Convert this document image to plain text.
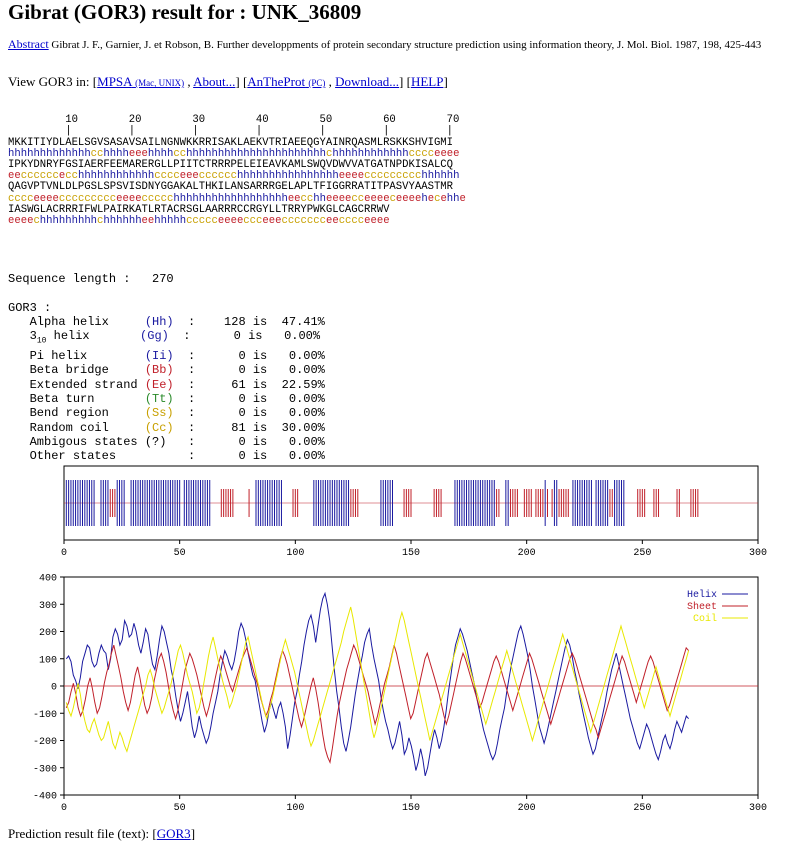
Gibrat (GOR3) result for : UNK_36809
Abstract Gibrat J. F., Garnier, J. et Robson, B. Further developpments of protein secondary structure prediction using information theory, J. Mol. Biol. 1987, 198, 425-443
View GOR3 in: [MPSA (Mac, UNIX) , About...] [AnTheProt (PC) , Download...] [HELP]

10        20        30        40        50        60        70
|         |         |         |         |         |         |
MKKITIYDLAELSGVSASAVSAILNGNWKKRRISAKLAEKVTRIAEEQGYAINRQASMLRSKKSHVIGMI
hhhhhhhhhhhhhcchhhheeehhhhcchhhhhhhhhhhhhhhhhhhhhhchhhhhhhhhhhhcccceeee
IPKYDNRYFGSIAERFEEMARERGLLPIITCTRRRPELEIEAVKAMLSWQVDWVVATGATNPDKISALCQ
eeccccccecchhhhhhhhhhhhcccceeecccccchhhhhhhhhhhhhhhheeeeccccccccchhhhhh
QAGVPTVNLDLPGSLSPSVISDNYGGAKALTHKILANSARRRGELAPLTFIGGRRATITPASVYAASTMR
cccceeeeccccccccceeeeccccchhhhhhhhhhhhhhhhhheecchheeeecceeeeceeeehecehhe
IASWGLACRRRIFWLPAIRKATLRTACRSGLAARRRCCRGYLLTRRYPWKGLCAGCRRWV
eeeechhhhhhhhhchhhhhheehhhhhccccceeeeccceeeccccccceecccceeee

Sequence length : 270

GOR3 :
Alpha helix     (Hh)  :    128 is  47.41%
$3_{10}$ helix       (Gg)  :      0 is   0.00%
Pi helix        (Ii)  :      0 is   0.00%
Beta bridge     (Bb)  :      0 is   0.00%
Extended strand (Ee)  :     61 is  22.59%
Beta turn       (Tt)  :      0 is   0.00%
Bend region     (Ss)  :      0 is   0.00%
Random coil     (Cc)  :     81 is  30.00%
Ambigous states (?)   :      0 is   0.00%
Other states	:      0 is   0.00%
0	50	100	150	200	250	300
400
300
200
100
0
-100
-200
-300
-400
0	50	100	150	200	250	300
Helix
Sheet
Coil
Prediction result file (text): [GOR3]
